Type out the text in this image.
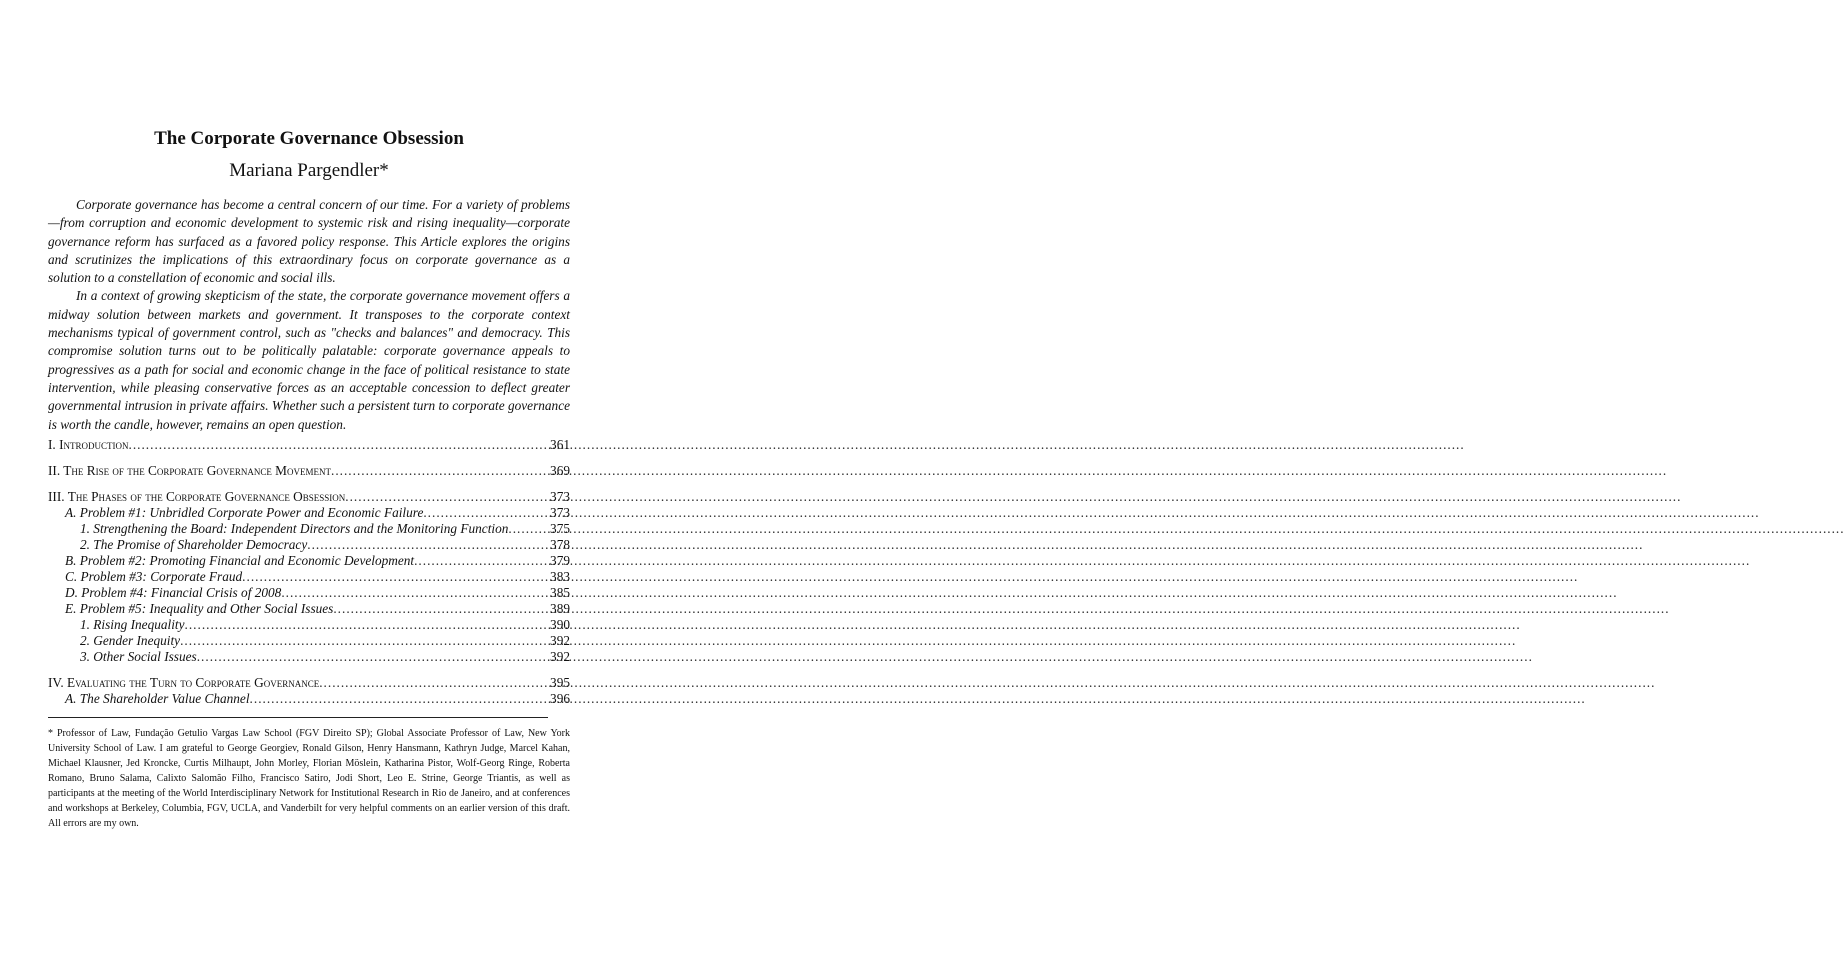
The Corporate Governance Obsession
Mariana Pargendler*

Corporate governance has become a central concern of our time. For a variety of problems—from corruption and economic development to systemic risk and rising inequality—corporate governance reform has surfaced as a favored policy response. This Article explores the origins and scrutinizes the implications of this extraordinary focus on corporate governance as a solution to a constellation of economic and social ills.

In a context of growing skepticism of the state, the corporate governance movement offers a midway solution between markets and government. It transposes to the corporate context mechanisms typical of government control, such as "checks and balances" and democracy. This compromise solution turns out to be politically palatable: corporate governance appeals to progressives as a path for social and economic change in the face of political resistance to state intervention, while pleasing conservative forces as an acceptable concession to deflect greater governmental intrusion in private affairs. Whether such a persistent turn to corporate governance is worth the candle, however, remains an open question.

I. Introduction .....	361
II. The Rise of the Corporate Governance Movement .....	369
III. The Phases of the Corporate Governance Obsession .....	373
A. Problem #1: Unbridled Corporate Power and Economic Failure .....	373
1. Strengthening the Board: Independent Directors and the Monitoring Function .....	375
2. The Promise of Shareholder Democracy .....	378
B. Problem #2: Promoting Financial and Economic Development .....	379
C. Problem #3: Corporate Fraud .....	383
D. Problem #4: Financial Crisis of 2008 .....	385
E. Problem #5: Inequality and Other Social Issues .....	389
1. Rising Inequality .....	390
2. Gender Inequity .....	392
3. Other Social Issues .....	392
IV. Evaluating the Turn to Corporate Governance .....	395
A. The Shareholder Value Channel .....	396

* Professor of Law, Fundação Getulio Vargas Law School (FGV Direito SP); Global Associate Professor of Law, New York University School of Law. I am grateful to George Georgiev, Ronald Gilson, Henry Hansmann, Kathryn Judge, Marcel Kahan, Michael Klausner, Jed Kroncke, Curtis Milhaupt, John Morley, Florian Möslein, Katharina Pistor, Wolf-Georg Ringe, Roberta Romano, Bruno Salama, Calixto Salomão Filho, Francisco Satiro, Jodi Short, Leo E. Strine, George Triantis, as well as participants at the meeting of the World Interdisciplinary Network for Institutional Research in Rio de Janeiro, and at conferences and workshops at Berkeley, Columbia, FGV, UCLA, and Vanderbilt for very helpful comments on an earlier version of this draft. All errors are my own.
